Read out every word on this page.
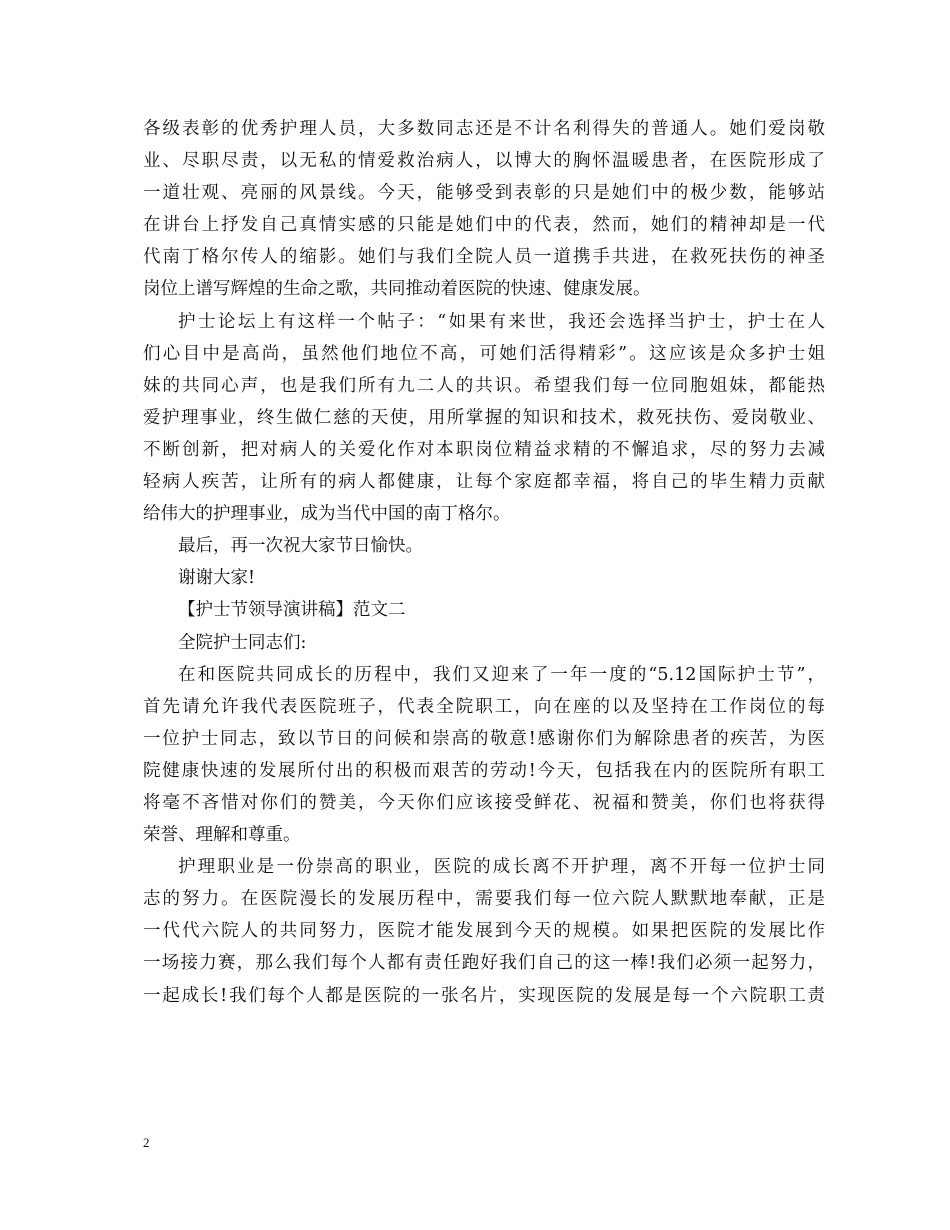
各级表彰的优秀护理人员，大多数同志还是不计名利得失的普通人。她们爱岗敬
业、尽职尽责，以无私的情爱救治病人，以博大的胸怀温暖患者，在医院形成了
一道壮观、亮丽的风景线。今天，能够受到表彰的只是她们中的极少数，能够站
在讲台上抒发自己真情实感的只能是她们中的代表，然而，她们的精神却是一代
代南丁格尔传人的缩影。她们与我们全院人员一道携手共进，在救死扶伤的神圣
岗位上谱写辉煌的生命之歌，共同推动着医院的快速、健康发展。
护士论坛上有这样一个帖子：“如果有来世，我还会选择当护士，护士在人
们心目中是高尚，虽然他们地位不高，可她们活得精彩”。这应该是众多护士姐
妹的共同心声，也是我们所有九二人的共识。希望我们每一位同胞姐妹，都能热
爱护理事业，终生做仁慈的天使，用所掌握的知识和技术，救死扶伤、爱岗敬业、
不断创新，把对病人的关爱化作对本职岗位精益求精的不懈追求，尽的努力去减
轻病人疾苦，让所有的病人都健康，让每个家庭都幸福，将自己的毕生精力贡献
给伟大的护理事业，成为当代中国的南丁格尔。
最后，再一次祝大家节日愉快。
谢谢大家!
【护士节领导演讲稿】范文二
全院护士同志们:
在和医院共同成长的历程中，我们又迎来了一年一度的“5.12国际护士节”，
首先请允许我代表医院班子，代表全院职工，向在座的以及坚持在工作岗位的每
一位护士同志，致以节日的问候和崇高的敬意!感谢你们为解除患者的疾苦，为医
院健康快速的发展所付出的积极而艰苦的劳动!今天，包括我在内的医院所有职工
将毫不吝惜对你们的赞美，今天你们应该接受鲜花、祝福和赞美，你们也将获得
荣誉、理解和尊重。
护理职业是一份崇高的职业，医院的成长离不开护理，离不开每一位护士同
志的努力。在医院漫长的发展历程中，需要我们每一位六院人默默地奉献，正是
一代代六院人的共同努力，医院才能发展到今天的规模。如果把医院的发展比作
一场接力赛，那么我们每个人都有责任跑好我们自己的这一棒!我们必须一起努力，
一起成长!我们每个人都是医院的一张名片，实现医院的发展是每一个六院职工责
2
